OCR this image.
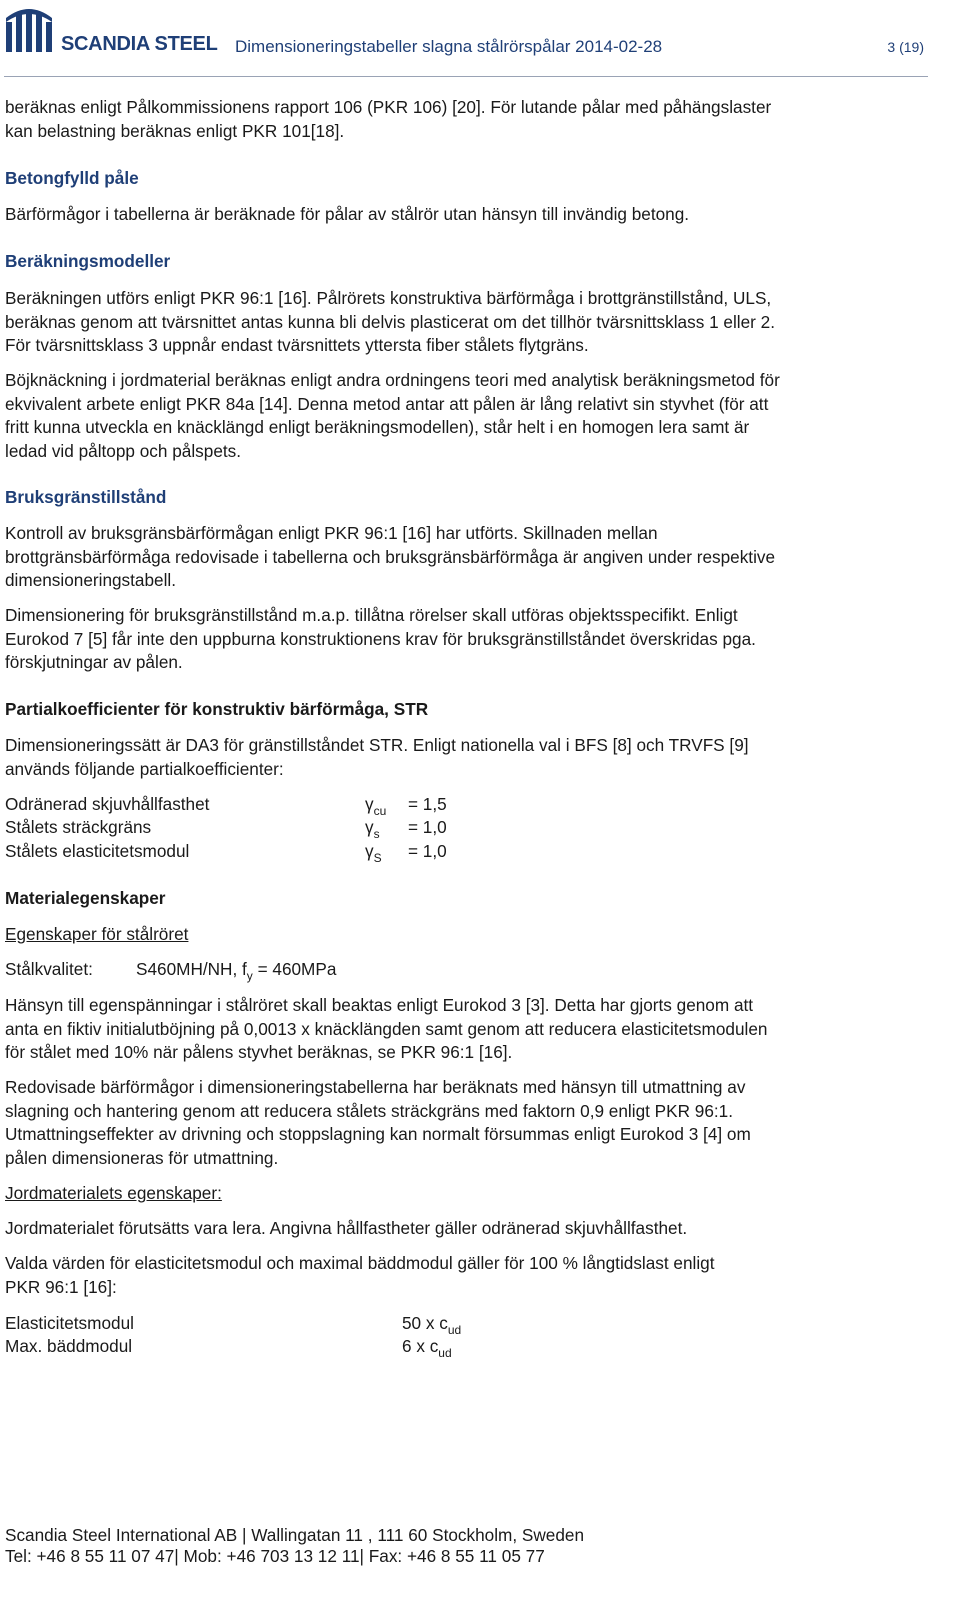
SCANDIA STEEL Dimensioneringstabeller slagna stålrörspålar 2014-02-28	3 (19)
beräknas enligt Pålkommissionens rapport 106 (PKR 106) [20]. För lutande pålar med påhängslaster
kan belastning beräknas enligt PKR 101[18].
Betongfylld påle
Bärförmågor i tabellerna är beräknade för pålar av stålrör utan hänsyn till invändig betong.
Beräkningsmodeller
Beräkningen utförs enligt PKR 96:1 [16]. Pålrörets konstruktiva bärförmåga i brottgränstillstånd, ULS,
beräknas genom att tvärsnittet antas kunna bli delvis plasticerat om det tillhör tvärsnittsklass 1 eller 2.
För tvärsnittsklass 3 uppnår endast tvärsnittets yttersta fiber stålets flytgräns.
Böjknäckning i jordmaterial beräknas enligt andra ordningens teori med analytisk beräkningsmetod för
ekvivalent arbete enligt PKR 84a [14]. Denna metod antar att pålen är lång relativt sin styvhet (för att
fritt kunna utveckla en knäcklängd enligt beräkningsmodellen), står helt i en homogen lera samt är
ledad vid påltopp och pålspets.
Bruksgränstillstånd
Kontroll av bruksgränsbärförmågan enligt PKR 96:1 [16] har utförts. Skillnaden mellan
brottgränsbärförmåga redovisade i tabellerna och bruksgränsbärförmåga är angiven under respektive
dimensioneringstabell.
Dimensionering för bruksgränstillstånd m.a.p. tillåtna rörelser skall utföras objektsspecifikt. Enligt
Eurokod 7 [5] får inte den uppburna konstruktionens krav för bruksgränstillståndet överskridas pga.
förskjutningar av pålen.
Partialkoefficienter för konstruktiv bärförmåga, STR
Dimensioneringssätt är DA3 för gränstillståndet STR. Enligt nationella val i BFS [8] och TRVFS [9]
används följande partialkoefficienter:
Odränerad skjuvhållfasthet	$\gamma_{cu} = 1,5$
Stålets sträckgräns	$\gamma_s = 1,0$
Stålets elasticitetsmodul	$\gamma_S = 1,0$
Materialegenskaper
Egenskaper för stålröret
Stålkvalitet:	S460MH/NH, $f_y = 460MPa$
Hänsyn till egenspänningar i stålröret skall beaktas enligt Eurokod 3 [3]. Detta har gjorts genom att
anta en fiktiv initialutböjning på 0,0013 x knäcklängden samt genom att reducera elasticitetsmodulen
för stålet med 10% när pålens styvhet beräknas, se PKR 96:1 [16].
Redovisade bärförmågor i dimensioneringstabellerna har beräknats med hänsyn till utmattning av
slagning och hantering genom att reducera stålets sträckgräns med faktorn 0,9 enligt PKR 96:1.
Utmattningseffekter av drivning och stoppslagning kan normalt försummas enligt Eurokod 3 [4] om
pålen dimensioneras för utmattning.
Jordmaterialets egenskaper:
Jordmaterialet förutsätts vara lera. Angivna hållfastheter gäller odränerad skjuvhållfasthet.
Valda värden för elasticitetsmodul och maximal bäddmodul gäller för 100 % långtidslast enligt
PKR 96:1 [16]:
Elasticitetsmodul	50 x $c_{ud}$
Max. bäddmodul	6 x $c_{ud}$
Scandia Steel International AB | Wallingatan 11 , 111 60 Stockholm, Sweden
Tel: +46 8 55 11 07 47| Mob: +46 703 13 12 11| Fax: +46 8 55 11 05 77
